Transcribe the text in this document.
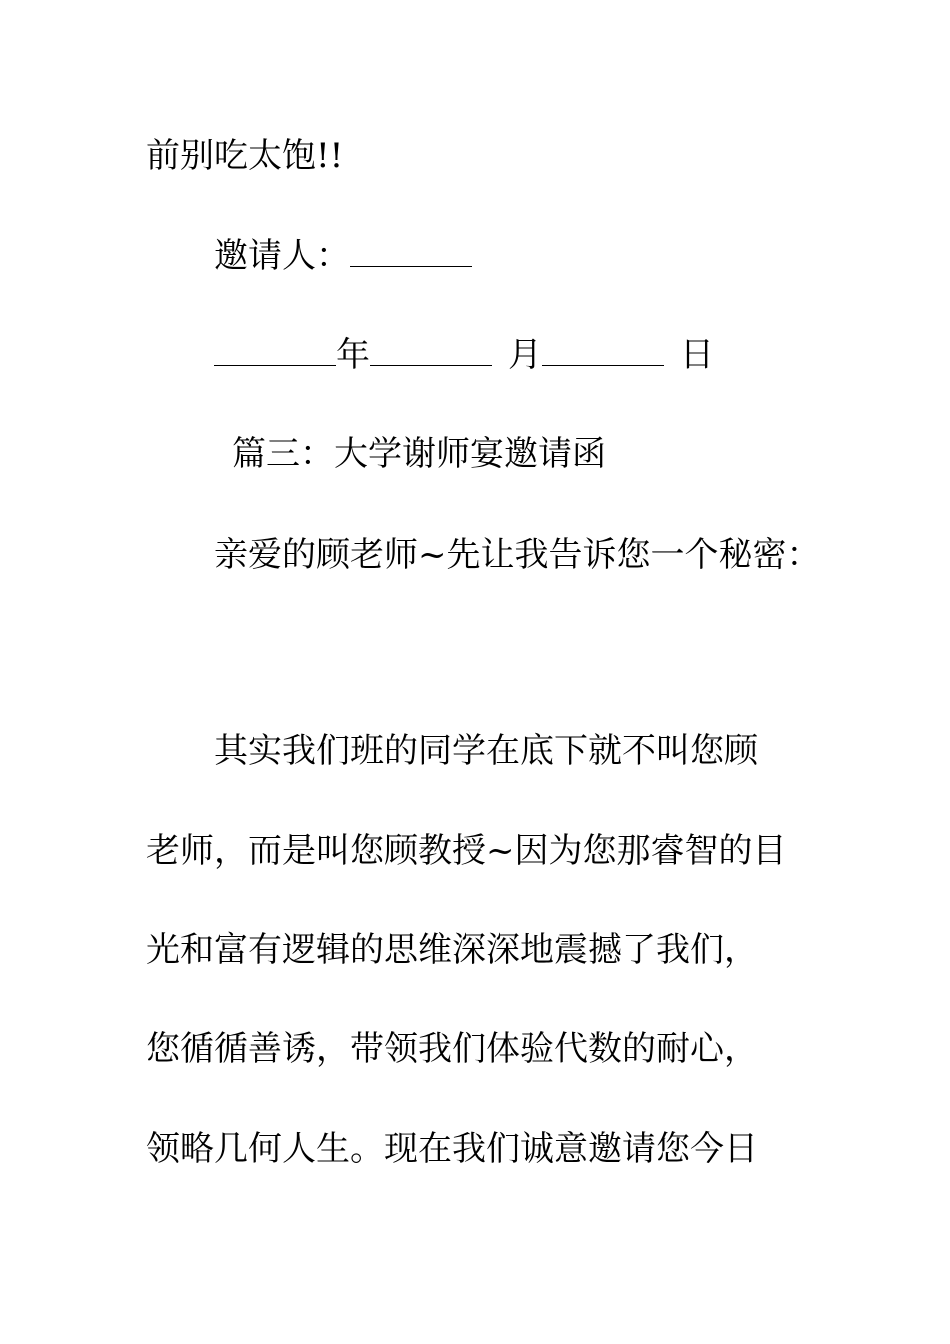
前别吃太饱!!
邀请人：
年	月	日
篇三：大学谢师宴邀请函
亲爱的顾老师~先让我告诉您一个秘密：
其实我们班的同学在底下就不叫您顾
老师，而是叫您顾教授~因为您那睿智的目
光和富有逻辑的思维深深地震撼了我们，
您循循善诱，带领我们体验代数的耐心，
领略几何人生。现在我们诚意邀请您今日
